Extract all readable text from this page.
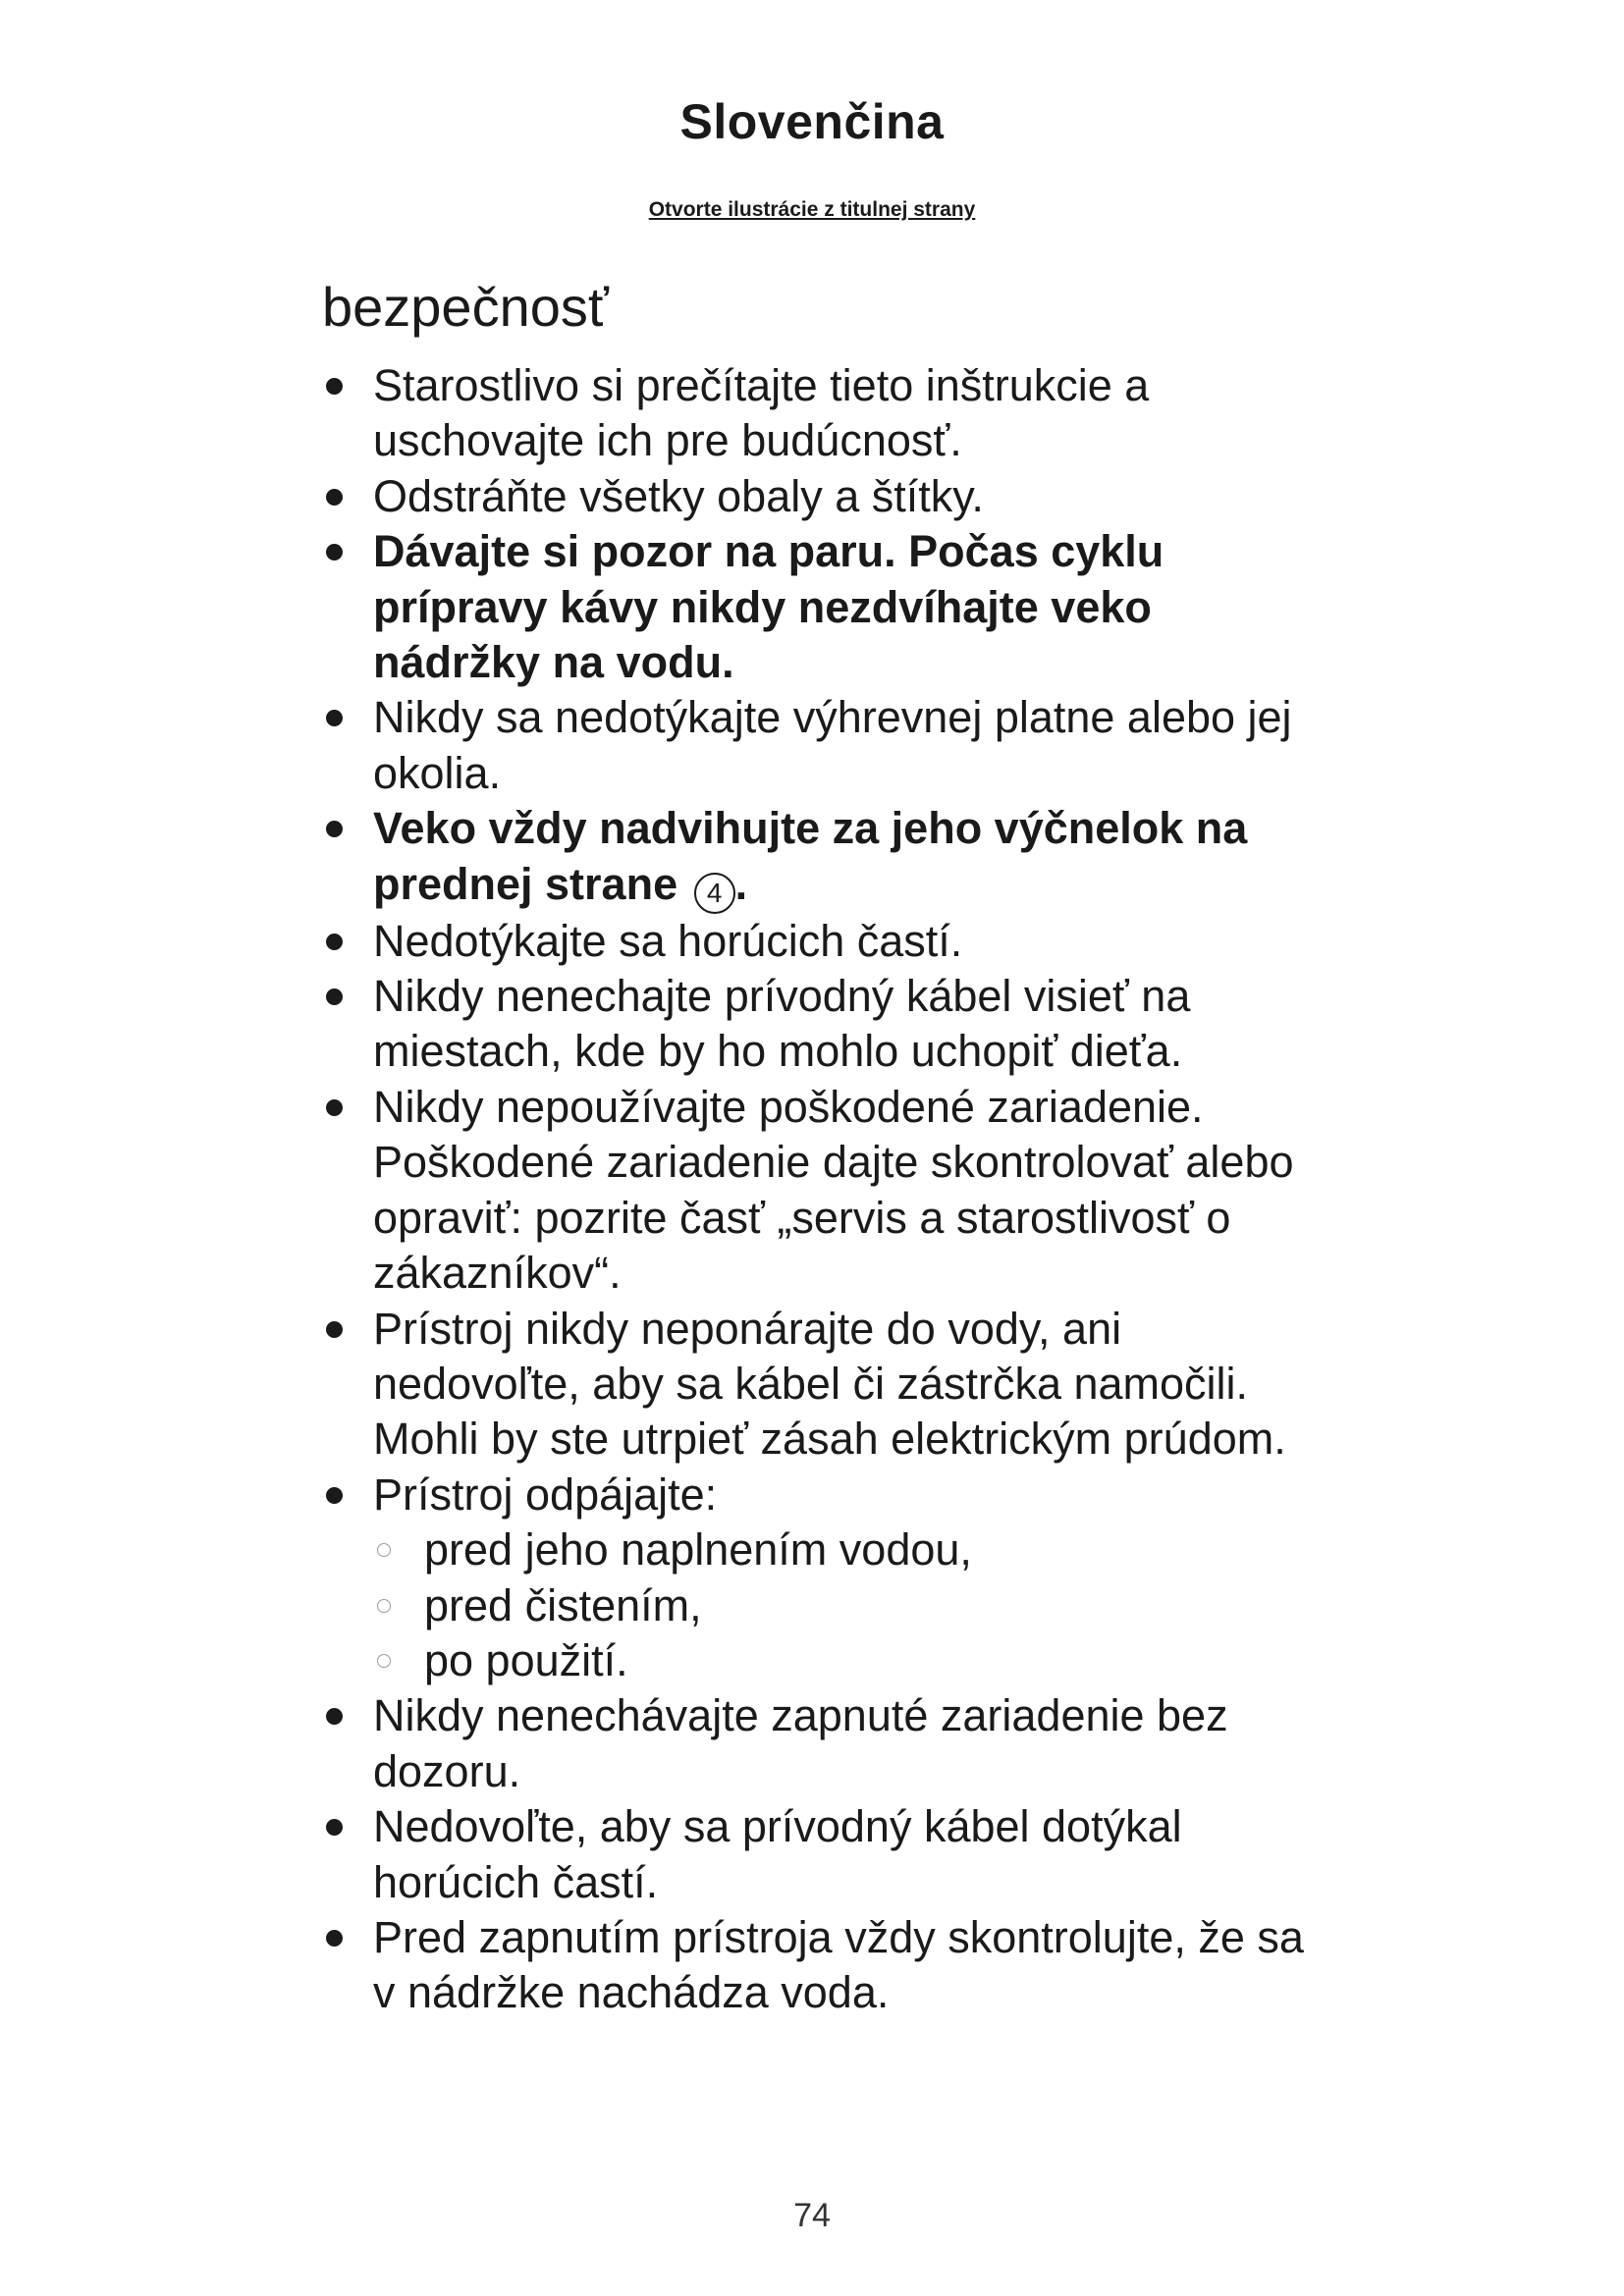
Slovenčina
Otvorte ilustrácie z titulnej strany
bezpečnosť
Starostlivo si prečítajte tieto inštrukcie a uschovajte ich pre budúcnosť.
Odstráňte všetky obaly a štítky.
Dávajte si pozor na paru. Počas cyklu prípravy kávy nikdy nezdvíhajte veko nádržky na vodu.
Nikdy sa nedotýkajte výhrevnej platne alebo jej okolia.
Veko vždy nadvihujte za jeho výčnelok na prednej strane 4 .
Nedotýkajte sa horúcich častí.
Nikdy nenechajte prívodný kábel visieť na miestach, kde by ho mohlo uchopiť dieťa.
Nikdy nepoužívajte poškodené zariadenie. Poškodené zariadenie dajte skontrolovať alebo opraviť: pozrite časť „servis a starostlivosť o zákazníkov“.
Prístroj nikdy neponárajte do vody, ani nedovoľte, aby sa kábel či zástrčka namočili. Mohli by ste utrpieť zásah elektrickým prúdom.
Prístroj odpájajte:
pred jeho naplnením vodou,
pred čistením,
po použití.
Nikdy nenechávajte zapnuté zariadenie bez dozoru.
Nedovoľte, aby sa prívodný kábel dotýkal horúcich častí.
Pred zapnutím prístroja vždy skontrolujte, že sa v nádržke nachádza voda.
74
